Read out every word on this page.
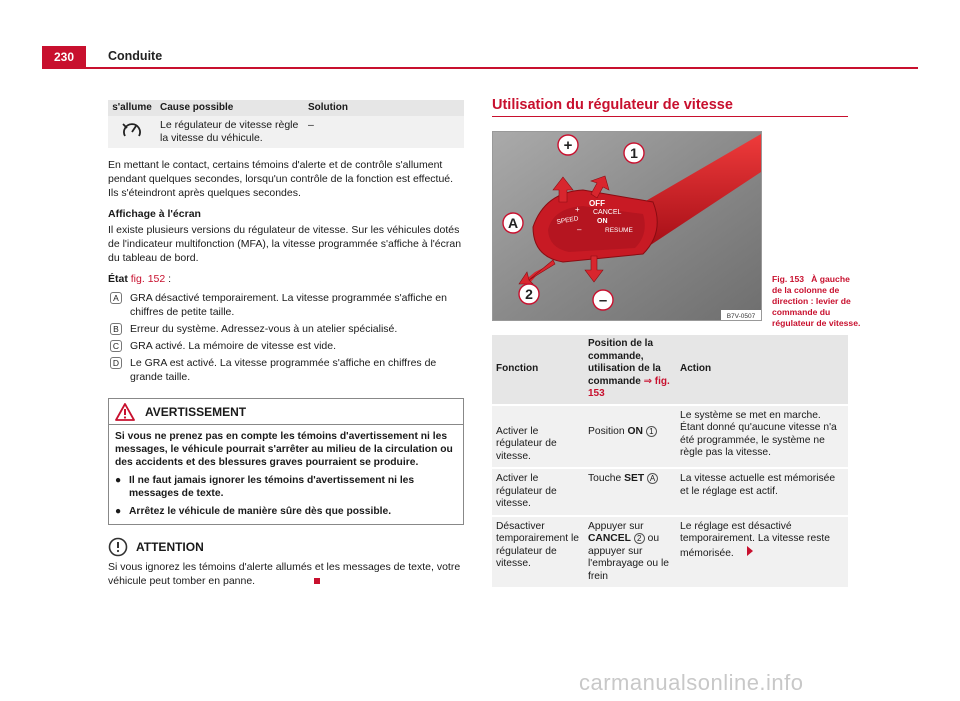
230	Conduite
s'allume	Cause possible	Solution
	Le régulateur de vitesse règle la vitesse du véhicule.	–

En mettant le contact, certains témoins d'alerte et de contrôle s'allument pendant quelques secondes, lorsqu'un contrôle de la fonction est effectué. Ils s'éteindront après quelques secondes.

Affichage à l'écran

Il existe plusieurs versions du régulateur de vitesse. Sur les véhicules dotés de l'indicateur multifonction (MFA), la vitesse programmée s'affiche à l'écran du tableau de bord.

État fig. 152 :

A	GRA désactivé temporairement. La vitesse programmée s'affiche en chiffres de petite taille.
B	Erreur du système. Adressez-vous à un atelier spécialisé.
C GRA activé. La mémoire de vitesse est vide.
D Le GRA est activé. La vitesse programmée s'affiche en chiffres de grande taille.
AVERTISSEMENT
Si vous ne prenez pas en compte les témoins d'avertissement ni les messages, le véhicule pourrait s'arrêter au milieu de la circulation ou des accidents et des blessures graves pourraient se produire.
● Il ne faut jamais ignorer les témoins d'avertissement ni les messages de texte.
● Arrêtez le véhicule de manière sûre dès que possible.
ATTENTION
Si vous ignorez les témoins d'alerte allumés et les messages de texte, votre véhicule peut tomber en panne.
Utilisation du régulateur de vitesse
+	1
A
2	–
OFF
CANCEL
ON
RESUME
SPEED
+
–
B7V-0507
Fig. 153 À gauche de la colonne de direction : levier de commande du régulateur de vitesse.
Fonction	Position de la commande, utilisation de la commande ⇒ fig. 153	Action
Activer le régulateur de vitesse.	Position ON 1	Le système se met en marche. Étant donné qu'aucune vitesse n'a été programmée, le système ne règle pas la vitesse.
Activer le régulateur de vitesse.	Touche SET A	La vitesse actuelle est mémorisée et le réglage est actif.
Désactiver temporairement le régulateur de vitesse.	Appuyer sur CANCEL 2 ou appuyer sur l'embrayage ou le frein	Le réglage est désactivé temporairement. La vitesse reste mémorisée.
carmanualsonline.info
